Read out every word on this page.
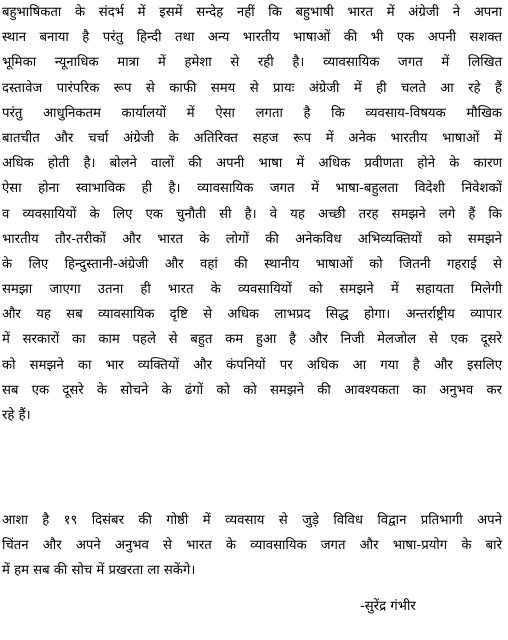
बहुभाषिकता के संदर्भ में इसमें सन्देह नहीं कि बहुभाषी भारत में अंग्रेजी ने अपना
स्थान बनाया है परंतु हिन्दी तथा अन्य भारतीय भाषाओं की भी एक अपनी सशक्त
भूमिका न्यूनाधिक मात्रा में हमेशा से रही है। व्यावसायिक जगत में लिखित
दस्तावेज पारंपरिक रूप से काफी समय से प्रायः अंग्रेजी में ही चलते आ रहे हैं
परंतु आधुनिकतम कार्यालयों में ऐसा लगता है कि व्यवसाय-विषयक मौखिक
बातचीत और चर्चा अंग्रेजी के अतिरिक्त सहज रूप में अनेक भारतीय भाषाओं में
अधिक होती है। बोलने वालों की अपनी भाषा में अधिक प्रवीणता होने के कारण
ऐसा होना स्वाभाविक ही है। व्यावसायिक जगत में भाषा-बहुलता विदेशी निवेशकों
व व्यवसायियों के लिए एक चुनौती सी है। वे यह अच्छी तरह समझने लगे हैं कि
भारतीय तौर-तरीकों और भारत के लोगों की अनेकविध अभिव्यक्तियों को समझने
के लिए हिन्दुस्तानी-अंग्रेजी और वहां की स्थानीय भाषाओं को जितनी गहराई से
समझा जाएगा उतना ही भारत के व्यवसायियों को समझने में सहायता मिलेगी
और यह सब व्यावसायिक दृष्टि से अधिक लाभप्रद सिद्ध होगा। अन्तर्राष्ट्रीय व्यापार
में सरकारों का काम पहले से बहुत कम हुआ है और निजी मेलजोल से एक दूसरे
को समझने का भार व्यक्तियों और कंपनियों पर अधिक आ गया है और इसलिए
सब एक दूसरे के सोचने के ढंगों को को समझने की आवश्यकता का अनुभव कर
रहे हैं।
आशा है १९ दिसंबर की गोष्ठी में व्यवसाय से जुड़े विविध विद्वान प्रतिभागी अपने
चिंतन और अपने अनुभव से भारत के व्यावसायिक जगत और भाषा-प्रयोग के बारे
में हम सब की सोच में प्रखरता ला सकेंगे।
-सुरेंद्र गंभीर
